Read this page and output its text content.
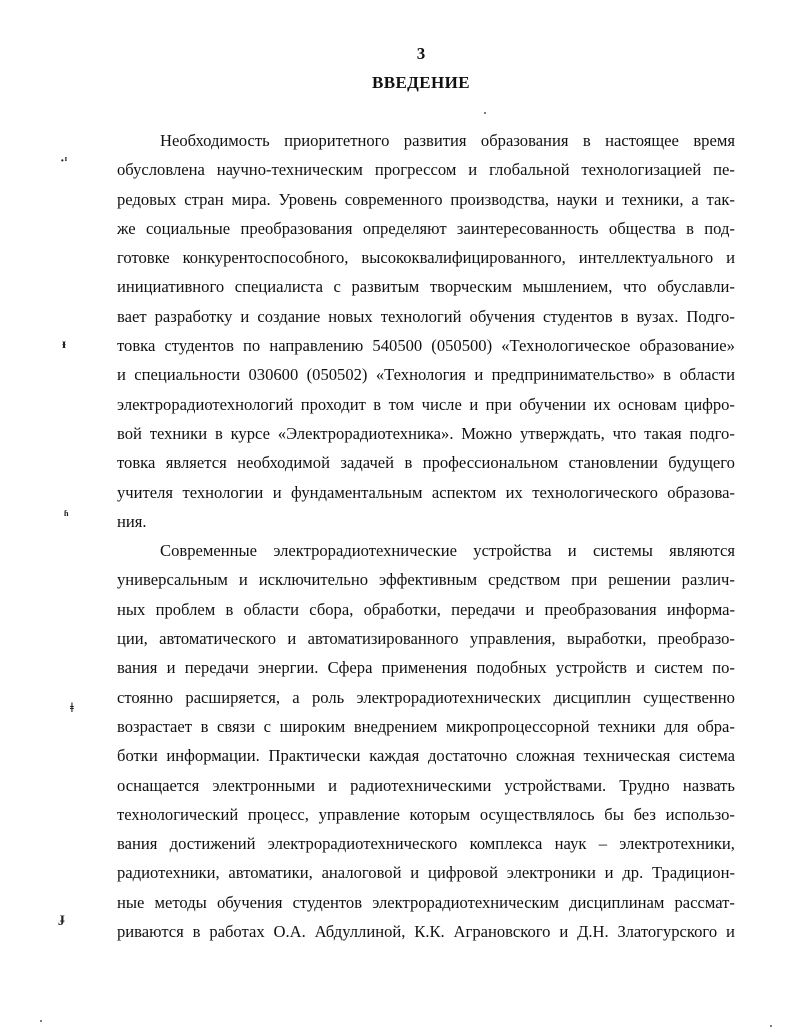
3
ВВЕДЕНИЕ
Необходимость приоритетного развития образования в настоящее время
обусловлена научно-техническим прогрессом и глобальной технологизацией пе-
редовых стран мира. Уровень современного производства, науки и техники, а так-
же социальные преобразования определяют заинтересованность общества в под-
готовке конкурентоспособного, высококвалифицированного, интеллектуального и
инициативного специалиста с развитым творческим мышлением, что обуславли-
вает разработку и создание новых технологий обучения студентов в вузах. Подго-
товка студентов по направлению 540500 (050500) «Технологическое образование»
и специальности 030600 (050502) «Технология и предпринимательство» в области
электрорадиотехнологий проходит в том числе и при обучении их основам цифро-
вой техники в курсе «Электрорадиотехника». Можно утверждать, что такая подго-
товка является необходимой задачей в профессиональном становлении будущего
учителя технологии и фундаментальным аспектом их технологического образова-
ния.
Современные электрорадиотехнические устройства и системы являются
универсальным и исключительно эффективным средством при решении различ-
ных проблем в области сбора, обработки, передачи и преобразования информа-
ции, автоматического и автоматизированного управления, выработки, преобразо-
вания и передачи энергии. Сфера применения подобных устройств и систем по-
стоянно расширяется, а роль электрорадиотехнических дисциплин существенно
возрастает в связи с широким внедрением микропроцессорной техники для обра-
ботки информации. Практически каждая достаточно сложная техническая система
оснащается электронными и радиотехническими устройствами. Трудно назвать
технологический процесс, управление которым осуществлялось бы без использо-
вания достижений электрорадиотехнического комплекса наук – электротехники,
радиотехники, автоматики, аналоговой и цифровой электроники и др. Традицион-
ные методы обучения студентов электрорадиотехническим дисциплинам рассмат-
риваются в работах О.А. Абдуллиной, К.К. Аграновского и Д.Н. Златогурского и
·ᶦ
ᵻ
ʱ
ǂ
ɟ
